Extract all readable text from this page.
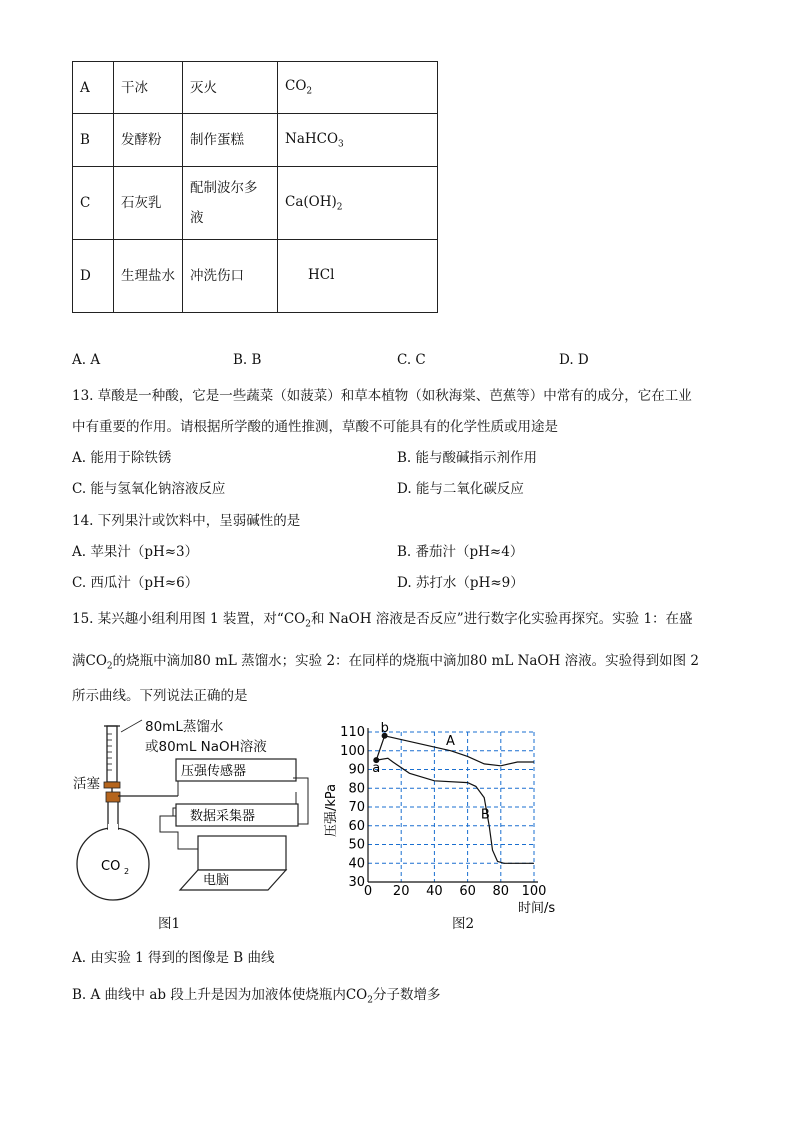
A	干冰	灭火	$CO_2$
B	发酵粉	制作蛋糕	NaHCO$_3$
C	石灰乳	配制波尔多液	$Ca(OH)_2$
D	生理盐水	冲洗伤口	HCl
A. A	B. B	C. C	D. D
13. 草酸是一种酸，它是一些蔬菜（如菠菜）和草本植物（如秋海棠、芭蕉等）中常有的成分，它在工业
中有重要的作用。请根据所学酸的通性推测，草酸不可能具有的化学性质或用途是
A. 能用于除铁锈	B. 能与酸碱指示剂作用
C. 能与氢氧化钠溶液反应	D. 能与二氧化碳反应
14. 下列果汁或饮料中，呈弱碱性的是
A. 苹果汁（pH≈3）	B. 番茄汁（pH≈4）
C. 西瓜汁（pH≈6）	D. 苏打水（pH≈9）
15. 某兴趣小组利用图 1 装置，对“$CO_2$和 NaOH 溶液是否反应”进行数字化实验再探究。实验 1：在盛
满$CO_2$的烧瓶中滴加80 mL 蒸馏水；实验 2：在同样的烧瓶中滴加80 mL NaOH 溶液。实验得到如图 2
所示曲线。下列说法正确的是
CO 2
压强传感器
数据采集器
电脑
80mL蒸馏水
或80mL NaOH溶液
活塞
图1
0 20 40 60 80 100
30
40
50
60
70
80
90
100
110
时间/s
压强/kPa
a
b
A
B
图2
A. 由实验 1 得到的图像是 B 曲线
B. A 曲线中 ab 段上升是因为加液体使烧瓶内$CO_2$分子数增多
